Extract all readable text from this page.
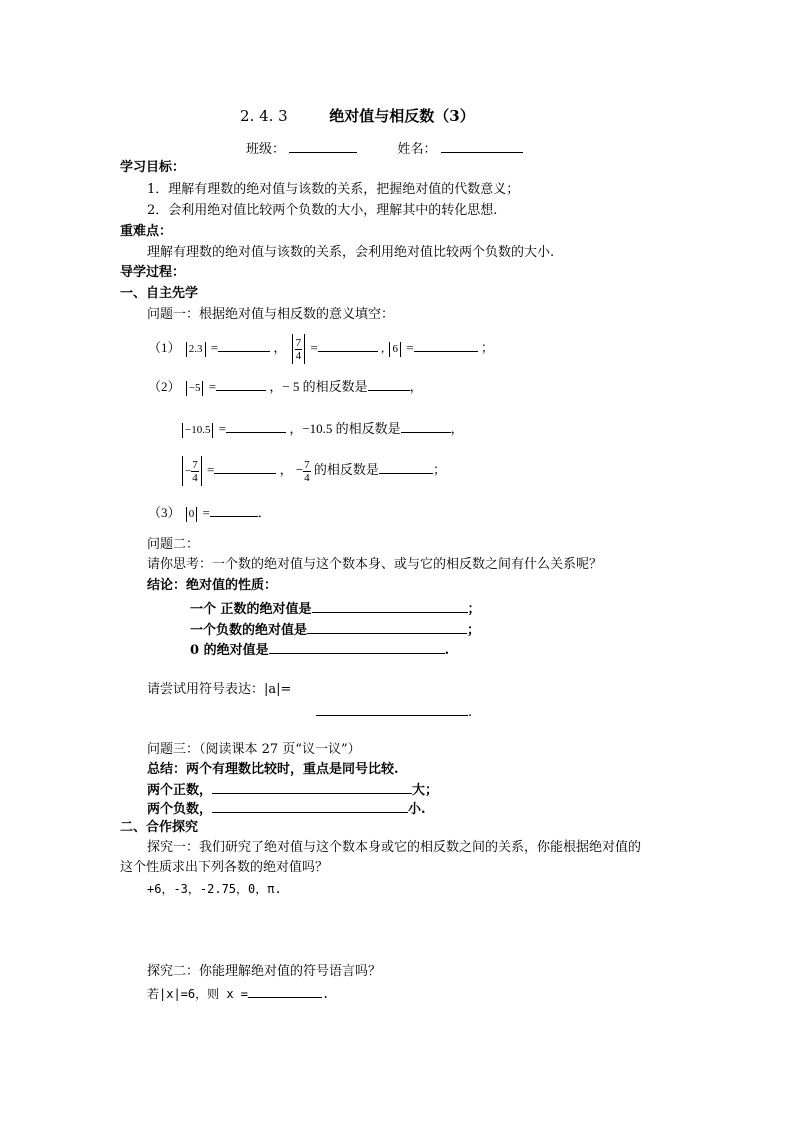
2. 4. 3	绝对值与相反数（3）
班级：	姓名：
学习目标：
1．理解有理数的绝对值与该数的关系，把握绝对值的代数意义；
2．会利用绝对值比较两个负数的大小，理解其中的转化思想.
重难点：
理解有理数的绝对值与该数的关系，会利用绝对值比较两个负数的大小.
导学过程：
一、自主先学
问题一：根据绝对值与相反数的意义填空：
（1） 2.3 =	， $\frac{7}{4}$ =	, 6 =	；
（2） −5 =	，− 5 的相反数是	，
−10.5 =	，−10.5 的相反数是	，
− $\frac{7}{4}$ =	， − $\frac{7}{4}$ 的相反数是	；
（3） 0 =	．
问题二：
请你思考：一个数的绝对值与这个数本身、或与它的相反数之间有什么关系呢？
结论：绝对值的性质：
一个 正数的绝对值是	；
一个负数的绝对值是	；
0 的绝对值是	.
请尝试用符号表达：|a|=
.
问题三：（阅读课本 27 页“议一议”）
总结：两个有理数比较时，重点是同号比较.
两个正数，	大；
两个负数，	小.
二、合作探究
探究一：我们研究了绝对值与这个数本身或它的相反数之间的关系，你能根据绝对值的
这个性质求出下列各数的绝对值吗？
+6，-3，-2.75，0，π.
探究二：你能理解绝对值的符号语言吗？
若|x|=6，则 x =	.
